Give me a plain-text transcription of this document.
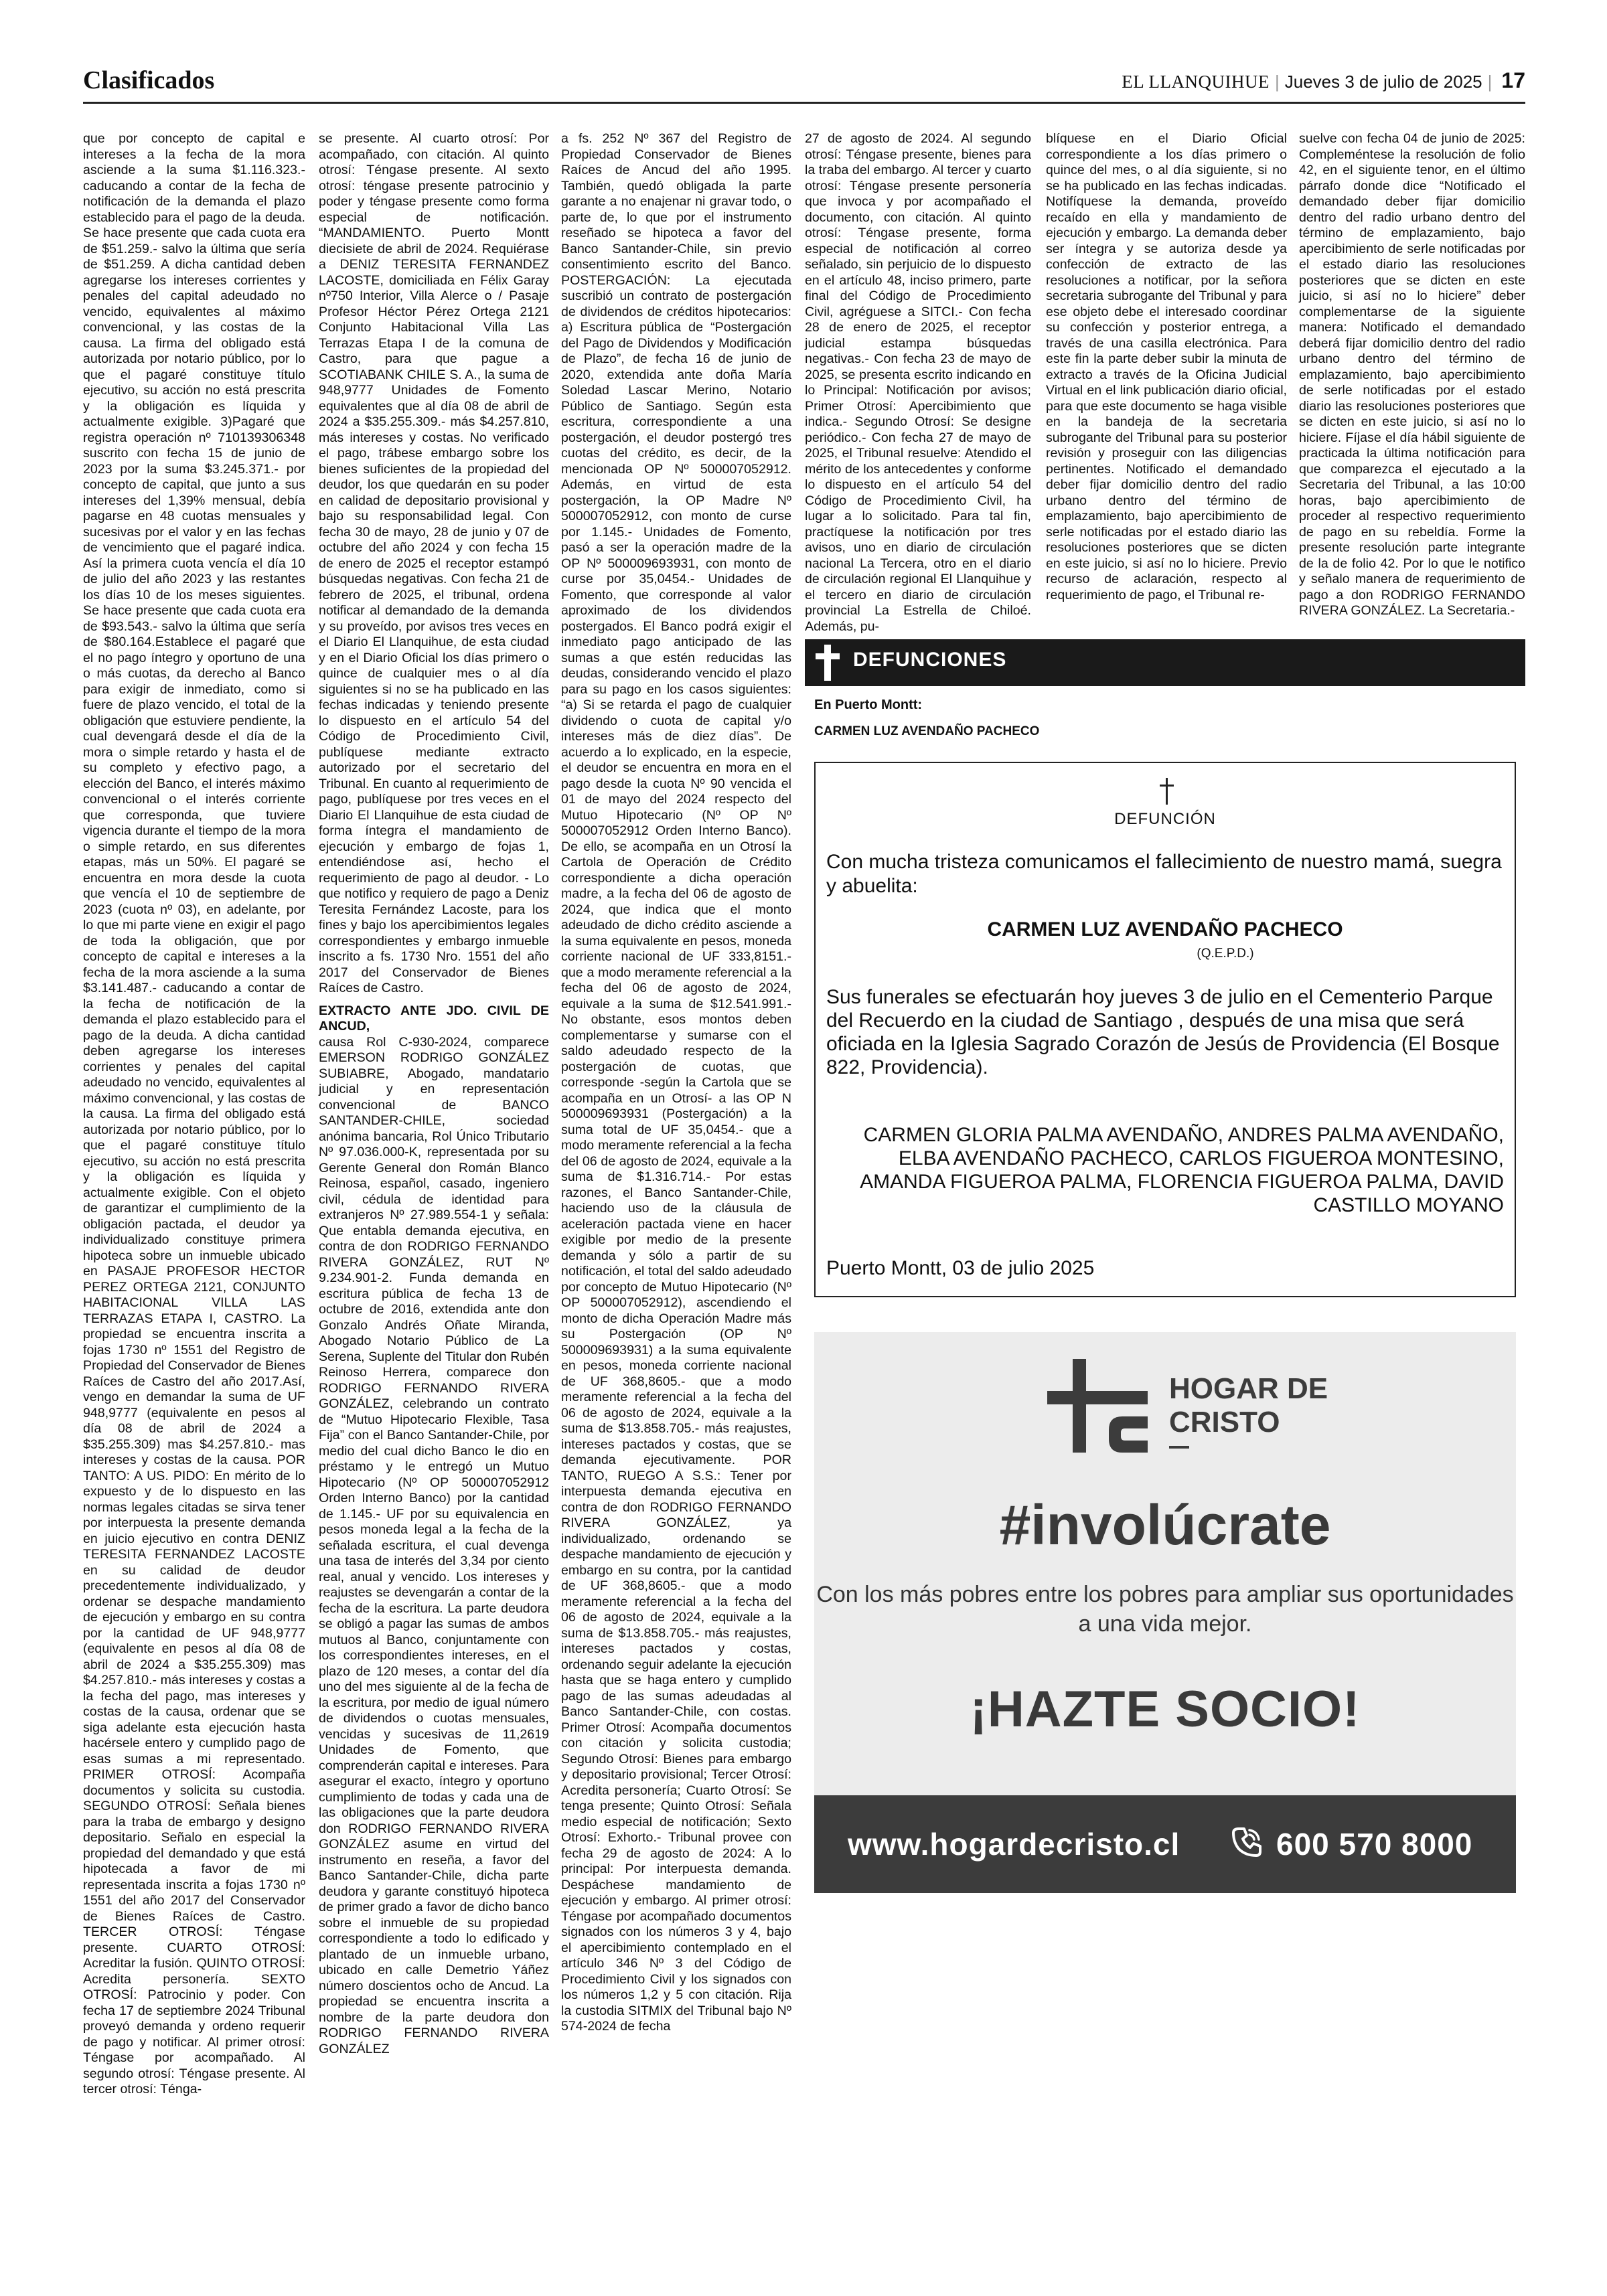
Clasificados	EL LLANQUIHUE | Jueves 3 de julio de 2025 | 17

que por concepto de capital e intereses a la fecha de la mora asciende a la suma $1.116.323.- caducando a contar de la fecha de notificación de la demanda el plazo establecido para el pago de la deuda. Se hace presente que cada cuota era de $51.259.- salvo la última que sería de $51.259. A dicha cantidad deben agregarse los intereses corrientes y penales del capital adeudado no vencido, equivalentes al máximo convencional, y las costas de la causa. La firma del obligado está autorizada por notario público, por lo que el pagaré constituye título ejecutivo, su acción no está prescrita y la obligación es líquida y actualmente exigible. 3)Pagaré que registra operación nº 710139306348 suscrito con fecha 15 de junio de 2023 por la suma $3.245.371.- por concepto de capital, que junto a sus intereses del 1,39% mensual, debía pagarse en 48 cuotas mensuales y sucesivas por el valor y en las fechas de vencimiento que el pagaré indica. Así la primera cuota vencía el día 10 de julio del año 2023 y las restantes los días 10 de los meses siguientes. Se hace presente que cada cuota era de $93.543.- salvo la última que sería de $80.164.Establece el pagaré que el no pago íntegro y oportuno de una o más cuotas, da derecho al Banco para exigir de inmediato, como si fuere de plazo vencido, el total de la obligación que estuviere pendiente, la cual devengará desde el día de la mora o simple retardo y hasta el de su completo y efectivo pago, a elección del Banco, el interés máximo convencional o el interés corriente que corresponda, que tuviere vigencia durante el tiempo de la mora o simple retardo, en sus diferentes etapas, más un 50%. El pagaré se encuentra en mora desde la cuota que vencía el 10 de septiembre de 2023 (cuota nº 03), en adelante, por lo que mi parte viene en exigir el pago de toda la obligación, que por concepto de capital e intereses a la fecha de la mora asciende a la suma $3.141.487.- caducando a contar de la fecha de notificación de la demanda el plazo establecido para el pago de la deuda. A dicha cantidad deben agregarse los intereses corrientes y penales del capital adeudado no vencido, equivalentes al máximo convencional, y las costas de la causa. La firma del obligado está autorizada por notario público, por lo que el pagaré constituye título ejecutivo, su acción no está prescrita y la obligación es líquida y actualmente exigible. Con el objeto de garantizar el cumplimiento de la obligación pactada, el deudor ya individualizado constituye primera hipoteca sobre un inmueble ubicado en PASAJE PROFESOR HECTOR PEREZ ORTEGA 2121, CONJUNTO HABITACIONAL VILLA LAS TERRAZAS ETAPA I, CASTRO. La propiedad se encuentra inscrita a fojas 1730 nº 1551 del Registro de Propiedad del Conservador de Bienes Raíces de Castro del año 2017.Así, vengo en demandar la suma de UF 948,9777 (equivalente en pesos al día 08 de abril de 2024 a $35.255.309) mas $4.257.810.- mas intereses y costas de la causa. POR TANTO: A US. PIDO: En mérito de lo expuesto y de lo dispuesto en las normas legales citadas se sirva tener por interpuesta la presente demanda en juicio ejecutivo en contra DENIZ TERESITA FERNANDEZ LACOSTE en su calidad de deudor precedentemente individualizado, y ordenar se despache mandamiento de ejecución y embargo en su contra por la cantidad de UF 948,9777 (equivalente en pesos al día 08 de abril de 2024 a $35.255.309) mas $4.257.810.- más intereses y costas a la fecha del pago, mas intereses y costas de la causa, ordenar que se siga adelante esta ejecución hasta hacérsele entero y cumplido pago de esas sumas a mi representado. PRIMER OTROSÍ: Acompaña documentos y solicita su custodia. SEGUNDO OTROSÍ: Señala bienes para la traba de embargo y designo depositario. Señalo en especial la propiedad del demandado y que está hipotecada a favor de mi representada inscrita a fojas 1730 nº 1551 del año 2017 del Conservador de Bienes Raíces de Castro. TERCER OTROSÍ: Téngase presente. CUARTO OTROSÍ: Acreditar la fusión. QUINTO OTROSÍ: Acredita personería. SEXTO OTROSÍ: Patrocinio y poder. Con fecha 17 de septiembre 2024 Tribunal proveyó demanda y ordeno requerir de pago y notificar. Al primer otrosí: Téngase por acompañado. Al segundo otrosí: Téngase presente. Al tercer otrosí: Ténga-

se presente. Al cuarto otrosí: Por acompañado, con citación. Al quinto otrosí: Téngase presente. Al sexto otrosí: téngase presente patrocinio y poder y téngase presente como forma especial de notificación. “MANDAMIENTO. Puerto Montt diecisiete de abril de 2024. Requiérase a DENIZ TERESITA FERNANDEZ LACOSTE, domiciliada en Félix Garay nº750 Interior, Villa Alerce o / Pasaje Profesor Héctor Pérez Ortega 2121 Conjunto Habitacional Villa Las Terrazas Etapa I de la comuna de Castro, para que pague a SCOTIABANK CHILE S. A., la suma de 948,9777 Unidades de Fomento equivalentes que al día 08 de abril de 2024 a $35.255.309.- más $4.257.810, más intereses y costas. No verificado el pago, trábese embargo sobre los bienes suficientes de la propiedad del deudor, los que quedarán en su poder en calidad de depositario provisional y bajo su responsabilidad legal. Con fecha 30 de mayo, 28 de junio y 07 de octubre del año 2024 y con fecha 15 de enero de 2025 el receptor estampó búsquedas negativas. Con fecha 21 de febrero de 2025, el tribunal, ordena notificar al demandado de la demanda y su proveído, por avisos tres veces en el Diario El Llanquihue, de esta ciudad y en el Diario Oficial los días primero o quince de cualquier mes o al día siguientes si no se ha publicado en las fechas indicadas y teniendo presente lo dispuesto en el artículo 54 del Código de Procedimiento Civil, publíquese mediante extracto autorizado por el secretario del Tribunal. En cuanto al requerimiento de pago, publíquese por tres veces en el Diario El Llanquihue de esta ciudad de forma íntegra el mandamiento de ejecución y embargo de fojas 1, entendiéndose así, hecho el requerimiento de pago al deudor. - Lo que notifico y requiero de pago a Deniz Teresita Fernández Lacoste, para los fines y bajo los apercibimientos legales correspondientes y embargo inmueble inscrito a fs. 1730 Nro. 1551 del año 2017 del Conservador de Bienes Raíces de Castro.

EXTRACTO ANTE JDO. CIVIL DE ANCUD,

causa Rol C-930-2024, comparece EMERSON RODRIGO GONZÁLEZ SUBIABRE, Abogado, mandatario judicial y en representación convencional de BANCO SANTANDER-CHILE, sociedad anónima bancaria, Rol Único Tributario Nº 97.036.000-K, representada por su Gerente General don Román Blanco Reinosa, español, casado, ingeniero civil, cédula de identidad para extranjeros Nº 27.989.554-1 y señala: Que entabla demanda ejecutiva, en contra de don RODRIGO FERNANDO RIVERA GONZÁLEZ, RUT Nº 9.234.901-2. Funda demanda en escritura pública de fecha 13 de octubre de 2016, extendida ante don Gonzalo Andrés Oñate Miranda, Abogado Notario Público de La Serena, Suplente del Titular don Rubén Reinoso Herrera, comparece don RODRIGO FERNANDO RIVERA GONZÁLEZ, celebrando un contrato de “Mutuo Hipotecario Flexible, Tasa Fija” con el Banco Santander-Chile, por medio del cual dicho Banco le dio en préstamo y le entregó un Mutuo Hipotecario (Nº OP 500007052912 Orden Interno Banco) por la cantidad de 1.145.- UF por su equivalencia en pesos moneda legal a la fecha de la señalada escritura, el cual devenga una tasa de interés del 3,34 por ciento real, anual y vencido. Los intereses y reajustes se devengarán a contar de la fecha de la escritura. La parte deudora se obligó a pagar las sumas de ambos mutuos al Banco, conjuntamente con los correspondientes intereses, en el plazo de 120 meses, a contar del día uno del mes siguiente al de la fecha de la escritura, por medio de igual número de dividendos o cuotas mensuales, vencidas y sucesivas de 11,2619 Unidades de Fomento, que comprenderán capital e intereses. Para asegurar el exacto, íntegro y oportuno cumplimiento de todas y cada una de las obligaciones que la parte deudora don RODRIGO FERNANDO RIVERA GONZÁLEZ asume en virtud del instrumento en reseña, a favor del Banco Santander-Chile, dicha parte deudora y garante constituyó hipoteca de primer grado a favor de dicho banco sobre el inmueble de su propiedad correspondiente a todo lo edificado y plantado de un inmueble urbano, ubicado en calle Demetrio Yáñez número doscientos ocho de Ancud. La propiedad se encuentra inscrita a nombre de la parte deudora don RODRIGO FERNANDO RIVERA GONZÁLEZ

a fs. 252 Nº 367 del Registro de Propiedad Conservador de Bienes Raíces de Ancud del año 1995. También, quedó obligada la parte garante a no enajenar ni gravar todo, o parte de, lo que por el instrumento reseñado se hipoteca a favor del Banco Santander-Chile, sin previo consentimiento escrito del Banco. POSTERGACIÓN: La ejecutada suscribió un contrato de postergación de dividendos de créditos hipotecarios: a) Escritura pública de “Postergación del Pago de Dividendos y Modificación de Plazo”, de fecha 16 de junio de 2020, extendida ante doña María Soledad Lascar Merino, Notario Público de Santiago. Según esta escritura, correspondiente a una postergación, el deudor postergó tres cuotas del crédito, es decir, de la mencionada OP Nº 500007052912. Además, en virtud de esta postergación, la OP Madre Nº 500007052912, con monto de curse por 1.145.- Unidades de Fomento, pasó a ser la operación madre de la OP Nº 500009693931, con monto de curse por 35,0454.- Unidades de Fomento, que corresponde al valor aproximado de los dividendos postergados. El Banco podrá exigir el inmediato pago anticipado de las sumas a que estén reducidas las deudas, considerando vencido el plazo para su pago en los casos siguientes: “a) Si se retarda el pago de cualquier dividendo o cuota de capital y/o intereses más de diez días”. De acuerdo a lo explicado, en la especie, el deudor se encuentra en mora en el pago desde la cuota Nº 90 vencida el 01 de mayo del 2024 respecto del Mutuo Hipotecario (Nº OP Nº 500007052912 Orden Interno Banco). De ello, se acompaña en un Otrosí la Cartola de Operación de Crédito correspondiente a dicha operación madre, a la fecha del 06 de agosto de 2024, que indica que el monto adeudado de dicho crédito asciende a la suma equivalente en pesos, moneda corriente nacional de UF 333,8151.- que a modo meramente referencial a la fecha del 06 de agosto de 2024, equivale a la suma de $12.541.991.- No obstante, esos montos deben complementarse y sumarse con el saldo adeudado respecto de la postergación de cuotas, que corresponde -según la Cartola que se acompaña en un Otrosí- a las OP N 500009693931 (Postergación) a la suma total de UF 35,0454.- que a modo meramente referencial a la fecha del 06 de agosto de 2024, equivale a la suma de $1.316.714.- Por estas razones, el Banco Santander-Chile, haciendo uso de la cláusula de aceleración pactada viene en hacer exigible por medio de la presente demanda y sólo a partir de su notificación, el total del saldo adeudado por concepto de Mutuo Hipotecario (Nº OP 500007052912), ascendiendo el monto de dicha Operación Madre más su Postergación (OP Nº 500009693931) a la suma equivalente en pesos, moneda corriente nacional de UF 368,8605.- que a modo meramente referencial a la fecha del 06 de agosto de 2024, equivale a la suma de $13.858.705.- más reajustes, intereses pactados y costas, que se demanda ejecutivamente. POR TANTO, RUEGO A S.S.: Tener por interpuesta demanda ejecutiva en contra de don RODRIGO FERNANDO RIVERA GONZÁLEZ, ya individualizado, ordenando se despache mandamiento de ejecución y embargo en su contra, por la cantidad de UF 368,8605.- que a modo meramente referencial a la fecha del 06 de agosto de 2024, equivale a la suma de $13.858.705.- más reajustes, intereses pactados y costas, ordenando seguir adelante la ejecución hasta que se haga entero y cumplido pago de las sumas adeudadas al Banco Santander-Chile, con costas. Primer Otrosí: Acompaña documentos con citación y solicita custodia; Segundo Otrosí: Bienes para embargo y depositario provisional; Tercer Otrosí: Acredita personería; Cuarto Otrosí: Se tenga presente; Quinto Otrosí: Señala medio especial de notificación; Sexto Otrosí: Exhorto.- Tribunal provee con fecha 29 de agosto de 2024: A lo principal: Por interpuesta demanda. Despáchese mandamiento de ejecución y embargo. Al primer otrosí: Téngase por acompañado documentos signados con los números 3 y 4, bajo el apercibimiento contemplado en el artículo 346 Nº 3 del Código de Procedimiento Civil y los signados con los números 1,2 y 5 con citación. Rija la custodia SITMIX del Tribunal bajo Nº 574-2024 de fecha

27 de agosto de 2024. Al segundo otrosí: Téngase presente, bienes para la traba del embargo. Al tercer y cuarto otrosí: Téngase presente personería que invoca y por acompañado el documento, con citación. Al quinto otrosí: Téngase presente, forma especial de notificación al correo señalado, sin perjuicio de lo dispuesto en el artículo 48, inciso primero, parte final del Código de Procedimiento Civil, agréguese a SITCI.- Con fecha 28 de enero de 2025, el receptor judicial estampa búsquedas negativas.- Con fecha 23 de mayo de 2025, se presenta escrito indicando en lo Principal: Notificación por avisos; Primer Otrosí: Apercibimiento que indica.- Segundo Otrosí: Se designe periódico.- Con fecha 27 de mayo de 2025, el Tribunal resuelve: Atendido el mérito de los antecedentes y conforme lo dispuesto en el artículo 54 del Código de Procedimiento Civil, ha lugar a lo solicitado. Para tal fin, practíquese la notificación por tres avisos, uno en diario de circulación nacional La Tercera, otro en el diario de circulación regional El Llanquihue y el tercero en diario de circulación provincial La Estrella de Chiloé. Además, pu-

blíquese en el Diario Oficial correspondiente a los días primero o quince del mes, o al día siguiente, si no se ha publicado en las fechas indicadas. Notifíquese la demanda, proveído recaído en ella y mandamiento de ejecución y embargo. La demanda deber ser íntegra y se autoriza desde ya confección de extracto de las resoluciones a notificar, por la señora secretaria subrogante del Tribunal y para ese objeto debe el interesado coordinar su confección y posterior entrega, a través de una casilla electrónica. Para este fin la parte deber subir la minuta de extracto a través de la Oficina Judicial Virtual en el link publicación diario oficial, para que este documento se haga visible en la bandeja de la secretaria subrogante del Tribunal para su posterior revisión y proseguir con las diligencias pertinentes. Notificado el demandado deber fijar domicilio dentro del radio urbano dentro del término de emplazamiento, bajo apercibimiento de serle notificadas por el estado diario las resoluciones posteriores que se dicten en este juicio, si así no lo hiciere. Previo recurso de aclaración, respecto al requerimiento de pago, el Tribunal re-

suelve con fecha 04 de junio de 2025: Compleméntese la resolución de folio 42, en el siguiente tenor, en el último párrafo donde dice “Notificado el demandado deber fijar domicilio dentro del radio urbano dentro del término de emplazamiento, bajo apercibimiento de serle notificadas por el estado diario las resoluciones posteriores que se dicten en este juicio, si así no lo hiciere” deber complementarse de la siguiente manera: Notificado el demandado deberá fijar domicilio dentro del radio urbano dentro del término de emplazamiento, bajo apercibimiento de serle notificadas por el estado diario las resoluciones posteriores que se dicten en este juicio, si así no lo hiciere. Fíjase el día hábil siguiente de practicada la última notificación para que comparezca el ejecutado a la Secretaria del Tribunal, a las 10:00 horas, bajo apercibimiento de proceder al respectivo requerimiento de pago en su rebeldía. Forme la presente resolución parte integrante de la de folio 42. Por lo que le notifico y señalo manera de requerimiento de pago a don RODRIGO FERNANDO RIVERA GONZÁLEZ. La Secretaria.-

DEFUNCIONES
En Puerto Montt:
CARMEN LUZ AVENDAÑO PACHECO
DEFUNCIÓN
Con mucha tristeza comunicamos el fallecimiento de nuestro mamá, suegra y abuelita:
CARMEN LUZ AVENDAÑO PACHECO
(Q.E.P.D.)
Sus funerales se efectuarán hoy jueves 3 de julio en el Cementerio Parque del Recuerdo en la ciudad de Santiago , después de una misa que será oficiada en la Iglesia Sagrado Corazón de Jesús de Providencia (El Bosque 822, Providencia).
CARMEN GLORIA PALMA AVENDAÑO, ANDRES PALMA AVENDAÑO, ELBA AVENDAÑO PACHECO, CARLOS FIGUEROA MONTESINO, AMANDA FIGUEROA PALMA, FLORENCIA FIGUEROA PALMA, DAVID CASTILLO MOYANO
Puerto Montt, 03 de julio 2025
HOGAR DE CRISTO
#involúcrate
Con los más pobres entre los pobres para ampliar sus oportunidades a una vida mejor.
¡HAZTE SOCIO!
www.hogardecristo.cl	600 570 8000
